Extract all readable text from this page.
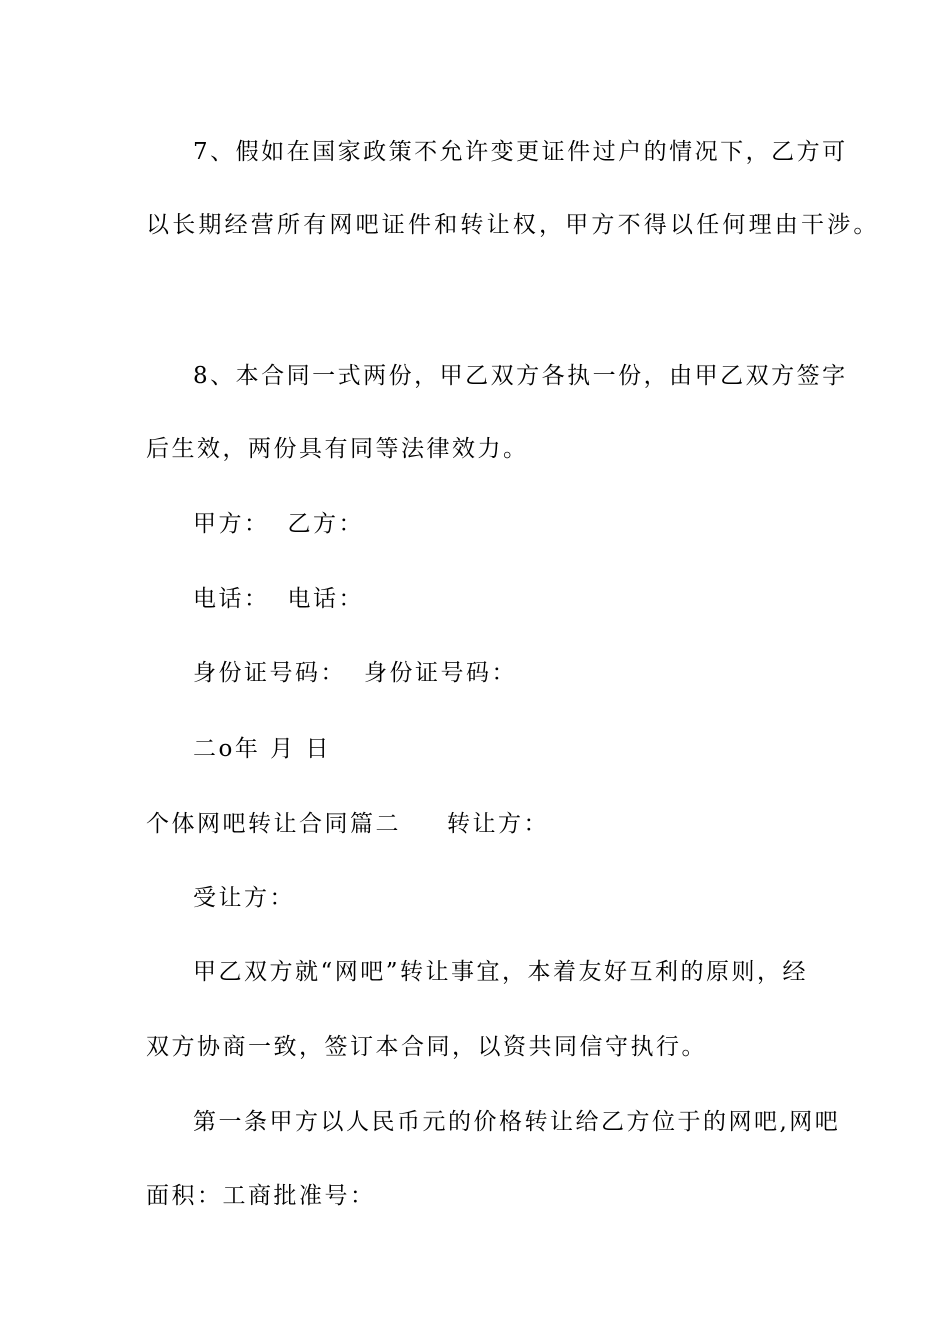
7、假如在国家政策不允许变更证件过户的情况下，乙方可
以长期经营所有网吧证件和转让权，甲方不得以任何理由干涉。
8、本合同一式两份，甲乙双方各执一份，由甲乙双方签字
后生效，两份具有同等法律效力。
甲方： 乙方：
电话： 电话：
身份证号码： 身份证号码：
二o年 月 日
个体网吧转让合同篇二 转让方：
受让方：
甲乙双方就“网吧”转让事宜，本着友好互利的原则，经
双方协商一致，签订本合同，以资共同信守执行。
第一条甲方以人民币元的价格转让给乙方位于的网吧,网吧
面积：工商批准号：
